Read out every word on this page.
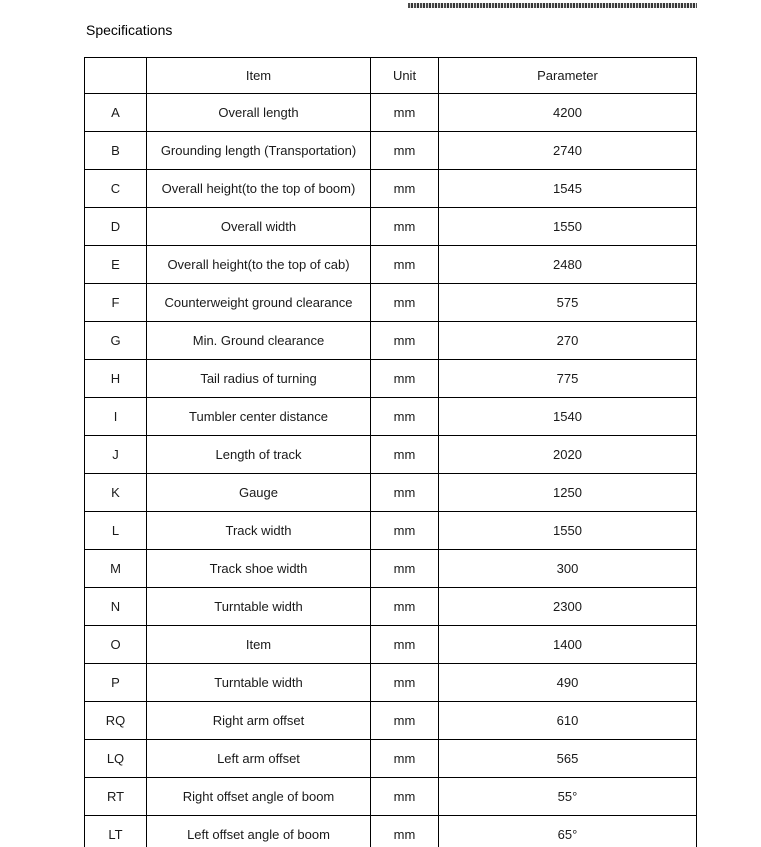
Specifications
	Item	Unit	Parameter
A	Overall length	mm	4200
B	Grounding length (Transportation)	mm	2740
C	Overall height(to the top of boom)	mm	1545
D	Overall width	mm	1550
E	Overall height(to the top of cab)	mm	2480
F	Counterweight ground clearance	mm	575
G	Min. Ground clearance	mm	270
H	Tail radius of turning	mm	775
I	Tumbler center distance	mm	1540
J	Length of track	mm	2020
K	Gauge	mm	1250
L	Track width	mm	1550
M	Track shoe width	mm	300
N	Turntable width	mm	2300
O	Item	mm	1400
P	Turntable width	mm	490
RQ	Right arm offset	mm	610
LQ	Left arm offset	mm	565
RT	Right offset angle of boom	mm	55°
LT	Left offset angle of boom	mm	65°
